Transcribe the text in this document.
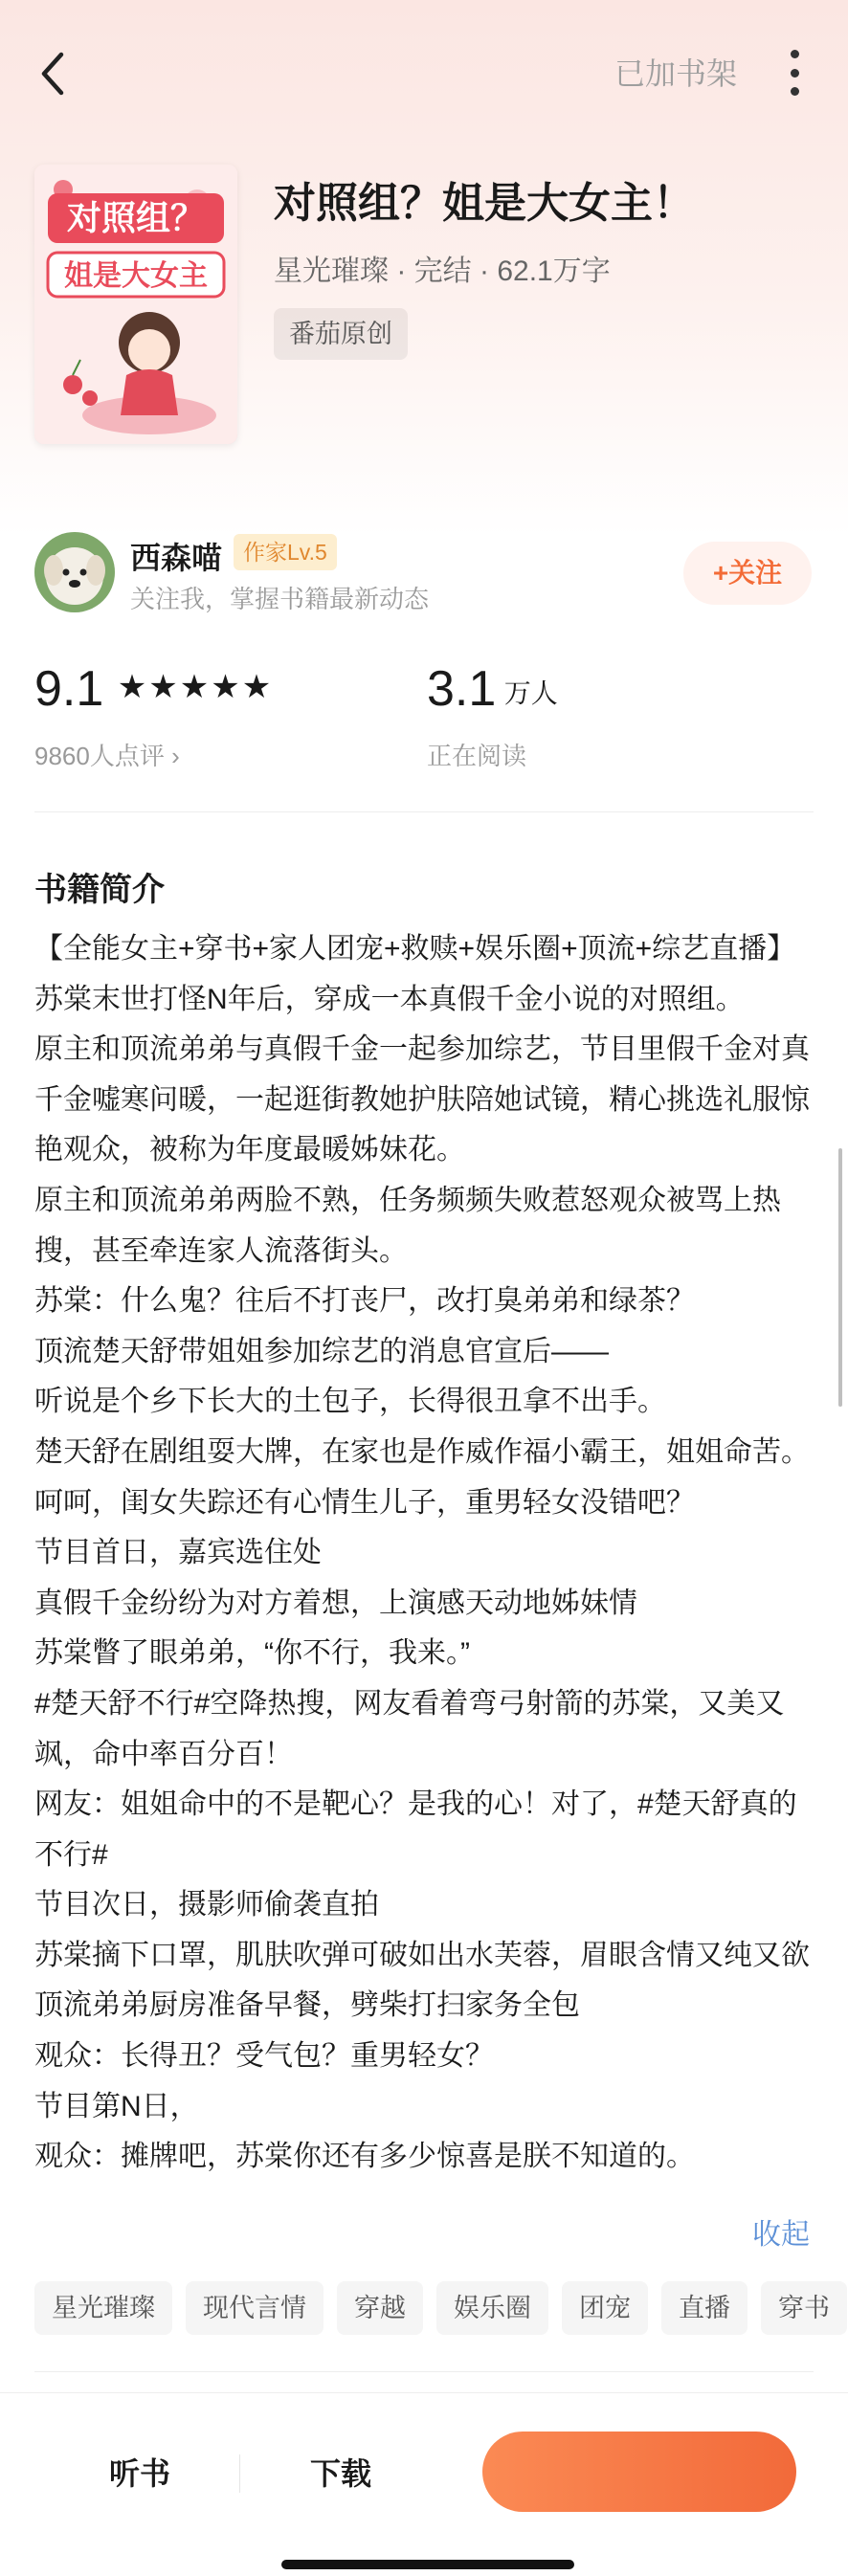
已加书架
对照组？
姐是大女主
对照组？姐是大女主！
星光璀璨 · 完结 · 62.1万字
番茄原创
西森喵 作家Lv.5
关注我，掌握书籍最新动态
+关注
9.1 ★★★★★
9860人点评 ›
3.1 万人
正在阅读
书籍简介

【全能女主+穿书+家人团宠+救赎+娱乐圈+顶流+综艺直播】

苏棠末世打怪N年后，穿成一本真假千金小说的对照组。

原主和顶流弟弟与真假千金一起参加综艺，节目里假千金对真千金嘘寒问暖，一起逛街教她护肤陪她试镜，精心挑选礼服惊艳观众，被称为年度最暖姊妹花。

原主和顶流弟弟两脸不熟，任务频频失败惹怒观众被骂上热搜，甚至牵连家人流落街头。

苏棠：什么鬼？往后不打丧尸，改打臭弟弟和绿茶？

顶流楚天舒带姐姐参加综艺的消息官宣后——

听说是个乡下长大的土包子，长得很丑拿不出手。

楚天舒在剧组耍大牌，在家也是作威作福小霸王，姐姐命苦。

呵呵，闺女失踪还有心情生儿子，重男轻女没错吧？

节目首日，嘉宾选住处

真假千金纷纷为对方着想，上演感天动地姊妹情

苏棠瞥了眼弟弟，“你不行，我来。”

#楚天舒不行#空降热搜，网友看着弯弓射箭的苏棠，又美又飒，命中率百分百！

网友：姐姐命中的不是靶心？是我的心！对了，#楚天舒真的不行#

节目次日，摄影师偷袭直拍

苏棠摘下口罩，肌肤吹弹可破如出水芙蓉，眉眼含情又纯又欲

顶流弟弟厨房准备早餐，劈柴打扫家务全包

观众：长得丑？受气包？重男轻女？

节目第N日，

观众：摊牌吧，苏棠你还有多少惊喜是朕不知道的。

收起
星光璀璨 现代言情 穿越 娱乐圈 团宠 直播 穿书
听书	下载
